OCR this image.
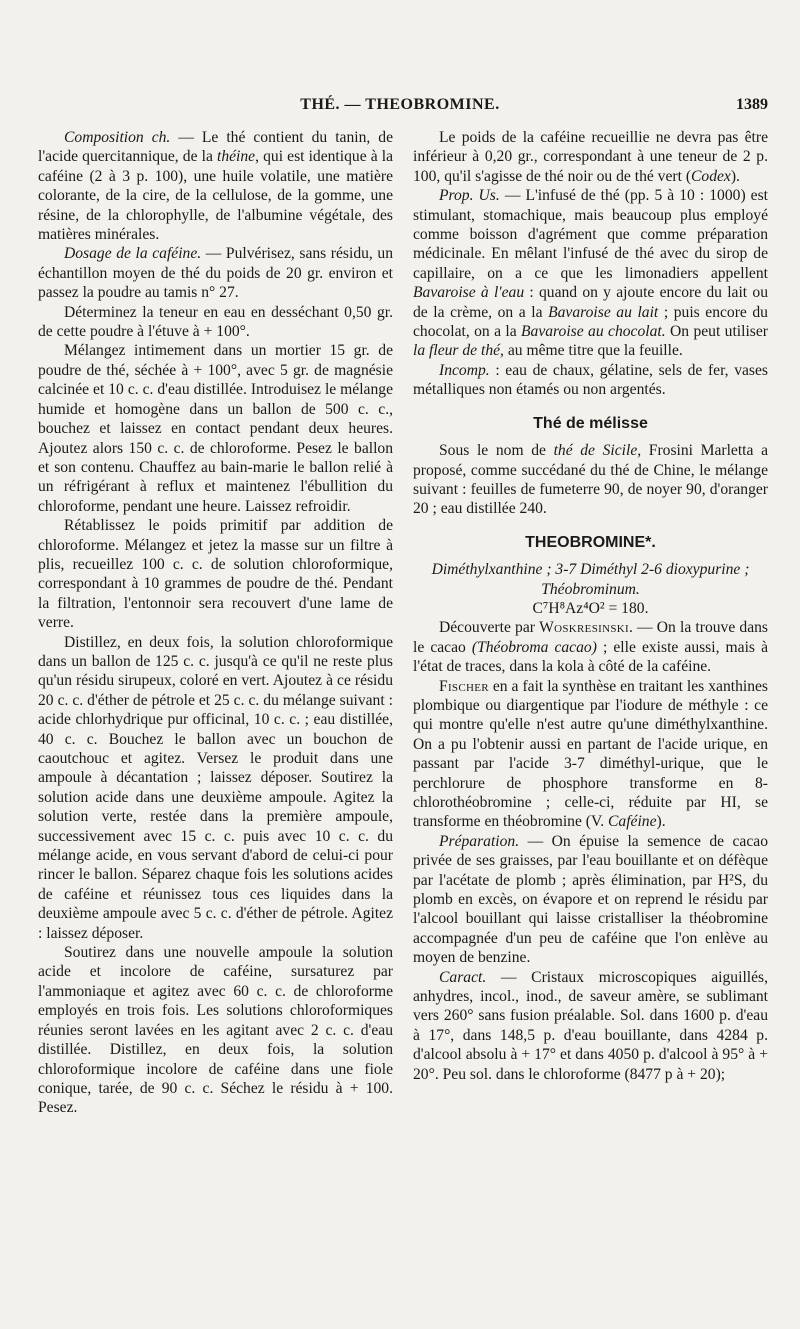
THÉ. — THEOBROMINE.	1389

Composition ch. — Le thé contient du tanin, de l'acide quercitannique, de la théine, qui est identique à la caféine (2 à 3 p. 100), une huile volatile, une matière colorante, de la cire, de la cellulose, de la gomme, une résine, de la chlorophylle, de l'albumine végétale, des matières minérales.

Dosage de la caféine. — Pulvérisez, sans résidu, un échantillon moyen de thé du poids de 20 gr. environ et passez la poudre au tamis n° 27.

Déterminez la teneur en eau en desséchant 0,50 gr. de cette poudre à l'étuve à + 100°.

Mélangez intimement dans un mortier 15 gr. de poudre de thé, séchée à + 100°, avec 5 gr. de magnésie calcinée et 10 c. c. d'eau distillée. Introduisez le mélange humide et homogène dans un ballon de 500 c. c., bouchez et laissez en contact pendant deux heures. Ajoutez alors 150 c. c. de chloroforme. Pesez le ballon et son contenu. Chauffez au bain-marie le ballon relié à un réfrigérant à reflux et maintenez l'ébullition du chloroforme, pendant une heure. Laissez refroidir.

Rétablissez le poids primitif par addition de chloroforme. Mélangez et jetez la masse sur un filtre à plis, recueillez 100 c. c. de solution chloroformique, correspondant à 10 grammes de poudre de thé. Pendant la filtration, l'entonnoir sera recouvert d'une lame de verre.

Distillez, en deux fois, la solution chloroformique dans un ballon de 125 c. c. jusqu'à ce qu'il ne reste plus qu'un résidu sirupeux, coloré en vert. Ajoutez à ce résidu 20 c. c. d'éther de pétrole et 25 c. c. du mélange suivant : acide chlorhydrique pur officinal, 10 c. c. ; eau distillée, 40 c. c. Bouchez le ballon avec un bouchon de caoutchouc et agitez. Versez le produit dans une ampoule à décantation ; laissez déposer. Soutirez la solution acide dans une deuxième ampoule. Agitez la solution verte, restée dans la première ampoule, successivement avec 15 c. c. puis avec 10 c. c. du mélange acide, en vous servant d'abord de celui-ci pour rincer le ballon. Séparez chaque fois les solutions acides de caféine et réunissez tous ces liquides dans la deuxième ampoule avec 5 c. c. d'éther de pétrole. Agitez : laissez déposer.

Soutirez dans une nouvelle ampoule la solution acide et incolore de caféine, sursaturez par l'ammoniaque et agitez avec 60 c. c. de chloroforme employés en trois fois. Les solutions chloroformiques réunies seront lavées en les agitant avec 2 c. c. d'eau distillée. Distillez, en deux fois, la solution chloroformique incolore de caféine dans une fiole conique, tarée, de 90 c. c. Séchez le résidu à + 100. Pesez.

Le poids de la caféine recueillie ne devra pas être inférieur à 0,20 gr., correspondant à une teneur de 2 p. 100, qu'il s'agisse de thé noir ou de thé vert (Codex).

Prop. Us. — L'infusé de thé (pp. 5 à 10 : 1000) est stimulant, stomachique, mais beaucoup plus employé comme boisson d'agrément que comme préparation médicinale. En mêlant l'infusé de thé avec du sirop de capillaire, on a ce que les limonadiers appellent Bavaroise à l'eau : quand on y ajoute encore du lait ou de la crème, on a la Bavaroise au lait ; puis encore du chocolat, on a la Bavaroise au chocolat. On peut utiliser la fleur de thé, au même titre que la feuille.

Incomp. : eau de chaux, gélatine, sels de fer, vases métalliques non étamés ou non argentés.

Thé de mélisse

Sous le nom de thé de Sicile, Frosini Marletta a proposé, comme succédané du thé de Chine, le mélange suivant : feuilles de fumeterre 90, de noyer 90, d'oranger 20 ; eau distillée 240.

THEOBROMINE*.

Diméthylxanthine ; 3-7 Diméthyl 2-6 dioxypurine ; Théobrominum.

C⁷H⁸Az⁴O² = 180.

Découverte par Woskresinski. — On la trouve dans le cacao (Théobroma cacao) ; elle existe aussi, mais à l'état de traces, dans la kola à côté de la caféine.

Fischer en a fait la synthèse en traitant les xanthines plombique ou diargentique par l'iodure de méthyle : ce qui montre qu'elle n'est autre qu'une diméthylxanthine. On a pu l'obtenir aussi en partant de l'acide urique, en passant par l'acide 3-7 diméthyl-urique, que le perchlorure de phosphore transforme en 8-chlorothéobromine ; celle-ci, réduite par HI, se transforme en théobromine (V. Caféine).

Préparation. — On épuise la semence de cacao privée de ses graisses, par l'eau bouillante et on défèque par l'acétate de plomb ; après élimination, par H²S, du plomb en excès, on évapore et on reprend le résidu par l'alcool bouillant qui laisse cristalliser la théobromine accompagnée d'un peu de caféine que l'on enlève au moyen de benzine.

Caract. — Cristaux microscopiques aiguillés, anhydres, incol., inod., de saveur amère, se sublimant vers 260° sans fusion préalable. Sol. dans 1600 p. d'eau à 17°, dans 148,5 p. d'eau bouillante, dans 4284 p. d'alcool absolu à + 17° et dans 4050 p. d'alcool à 95° à + 20°. Peu sol. dans le chloroforme (8477 p à + 20);
